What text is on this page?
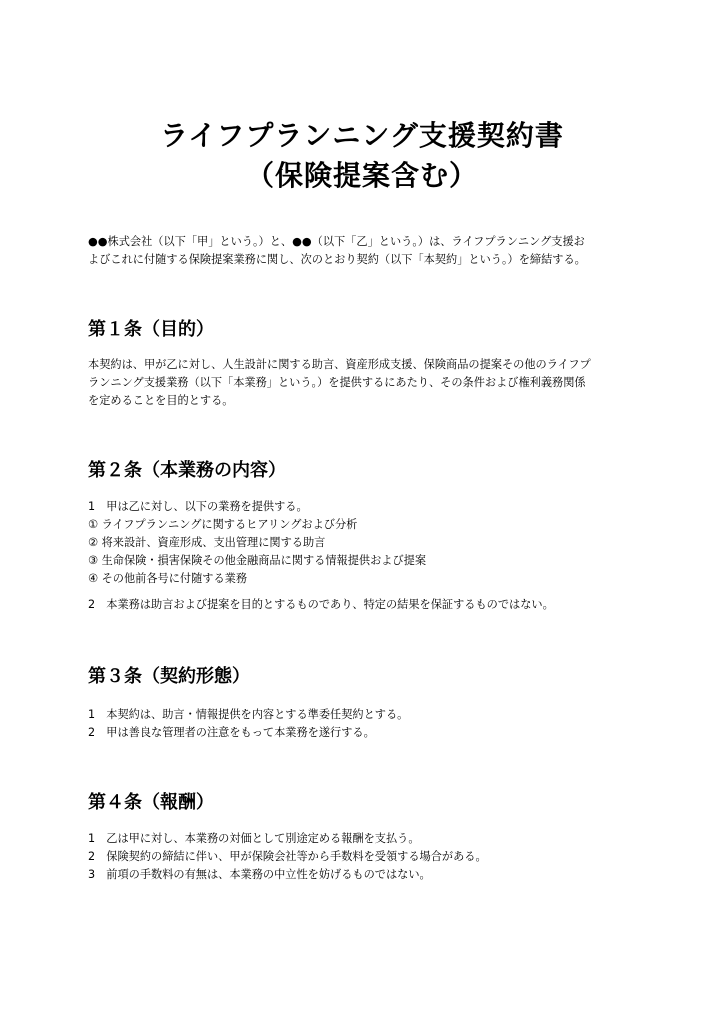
ライフプランニング支援契約書
（保険提案含む）
●●株式会社（以下「甲」という。）と、●●（以下「乙」という。）は、ライフプランニング支援お
よびこれに付随する保険提案業務に関し、次のとおり契約（以下「本契約」という。）を締結する。
第１条（目的）
本契約は、甲が乙に対し、人生設計に関する助言、資産形成支援、保険商品の提案その他のライフプ
ランニング支援業務（以下「本業務」という。）を提供するにあたり、その条件および権利義務関係
を定めることを目的とする。
第２条（本業務の内容）
1　甲は乙に対し、以下の業務を提供する。
① ライフプランニングに関するヒアリングおよび分析
② 将来設計、資産形成、支出管理に関する助言
③ 生命保険・損害保険その他金融商品に関する情報提供および提案
④ その他前各号に付随する業務
2　本業務は助言および提案を目的とするものであり、特定の結果を保証するものではない。
第３条（契約形態）
1　本契約は、助言・情報提供を内容とする準委任契約とする。
2　甲は善良な管理者の注意をもって本業務を遂行する。
第４条（報酬）
1　乙は甲に対し、本業務の対価として別途定める報酬を支払う。
2　保険契約の締結に伴い、甲が保険会社等から手数料を受領する場合がある。
3　前項の手数料の有無は、本業務の中立性を妨げるものではない。
